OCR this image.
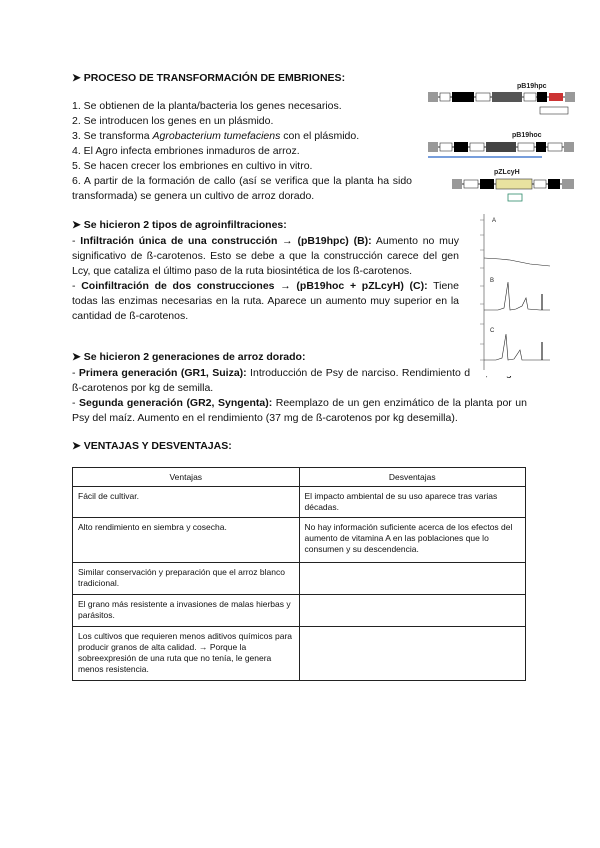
➤ PROCESO DE TRANSFORMACIÓN DE EMBRIONES:
1. Se obtienen de la planta/bacteria los genes necesarios.
2. Se introducen los genes en un plásmido.
3. Se transforma Agrobacterium tumefaciens con el plásmido.
4. El Agro infecta embriones inmaduros de arroz.
5. Se hacen crecer los embriones en cultivo in vitro.
6. A partir de la formación de callo (así se verifica que la planta ha sido transformada) se genera un cultivo de arroz dorado.
➤ Se hicieron 2 tipos de agroinfiltraciones:
- Infiltración única de una construcción → (pB19hpc) (B): Aumento no muy significativo de ß-carotenos. Esto se debe a que la construcción carece del gen Lcy, que cataliza el último paso de la ruta biosintética de los ß-carotenos.
- Coinfiltración de dos construcciones → (pB19hoc + pZLcyH) (C): Tiene todas las enzimas necesarias en la ruta. Aparece un aumento muy superior en la cantidad de ß-carotenos.
➤ Se hicieron 2 generaciones de arroz dorado:
- Primera generación (GR1, Suiza): Introducción de Psy de narciso. Rendimiento de 1,6 mg de ß-carotenos por kg de semilla.
- Segunda generación (GR2, Syngenta): Reemplazo de un gen enzimático de la planta por un Psy del maíz. Aumento en el rendimiento (37 mg de ß-carotenos por kg desemilla).
➤ VENTAJAS Y DESVENTAJAS:
Ventajas	Desventajas
Fácil de cultivar.	El impacto ambiental de su uso aparece tras varias décadas.
Alto rendimiento en siembra y cosecha.	No hay información suficiente acerca de los efectos del aumento de vitamina A en las poblaciones que lo consumen y su descendencia.
Similar conservación y preparación que el arroz blanco tradicional.	
El grano más resistente a invasiones de malas hierbas y parásitos.	
Los cultivos que requieren menos aditivos químicos para producir granos de alta calidad. → Porque la sobreexpresión de una ruta que no tenía, le genera menos resistencia.	
pB19hpc
pB19hoc
pZLcyH
A
B
C
